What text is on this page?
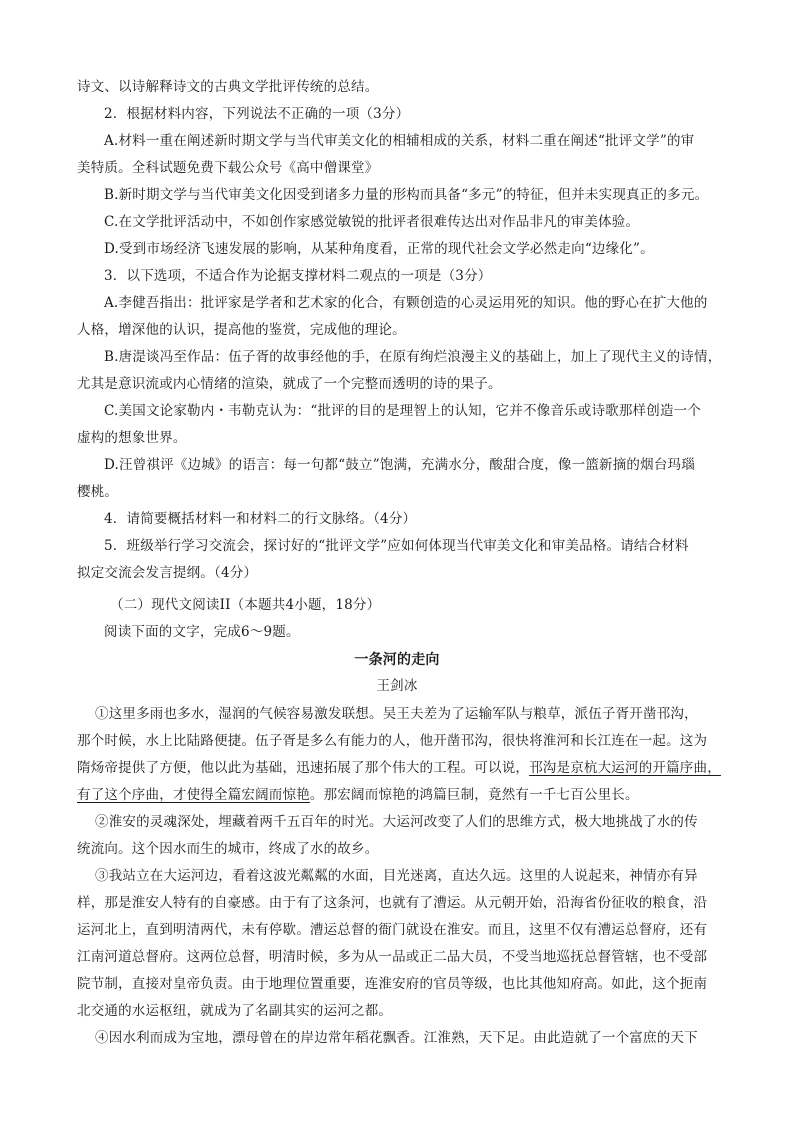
诗文、以诗解释诗文的古典文学批评传统的总结。
2．根据材料内容，下列说法不正确的一项（3分）
A.材料一重在阐述新时期文学与当代审美文化的相辅相成的关系，材料二重在阐述“批评文学”的审
美特质。全科试题免费下载公众号《高中僧课堂》
B.新时期文学与当代审美文化因受到诸多力量的形构而具备“多元”的特征，但并未实现真正的多元。
C.在文学批评活动中，不如创作家感觉敏锐的批评者很难传达出对作品非凡的审美体验。
D.受到市场经济飞速发展的影响，从某种角度看，正常的现代社会文学必然走向“边缘化”。
3．以下选项，不适合作为论据支撑材料二观点的一项是（3分）
A.李健吾指出：批评家是学者和艺术家的化合，有颗创造的心灵运用死的知识。他的野心在扩大他的
人格，增深他的认识，提高他的鉴赏，完成他的理论。
B.唐湜谈冯至作品：伍子胥的故事经他的手，在原有绚烂浪漫主义的基础上，加上了现代主义的诗情，
尤其是意识流或内心情绪的渲染，就成了一个完整而透明的诗的果子。
C.美国文论家勒内・韦勒克认为：“批评的目的是理智上的认知，它并不像音乐或诗歌那样创造一个
虚构的想象世界。
D.汪曾祺评《边城》的语言：每一句都“鼓立”饱满，充满水分，酸甜合度，像一篮新摘的烟台玛瑙
樱桃。
4．请简要概括材料一和材料二的行文脉络。（4分）
5．班级举行学习交流会，探讨好的“批评文学”应如何体现当代审美文化和审美品格。请结合材料
拟定交流会发言提纲。（4分）
（二）现代文阅读II（本题共4小题，18分）
阅读下面的文字，完成6～9题。
一条河的走向
王剑冰
①这里多雨也多水，湿润的气候容易激发联想。吴王夫差为了运输军队与粮草，派伍子胥开凿邗沟，
那个时候，水上比陆路便捷。伍子胥是多么有能力的人，他开凿邗沟，很快将淮河和长江连在一起。这为
隋炀帝提供了方便，他以此为基础，迅速拓展了那个伟大的工程。可以说，邗沟是京杭大运河的开篇序曲，
有了这个序曲，才使得全篇宏阔而惊艳。那宏阔而惊艳的鸿篇巨制，竟然有一千七百公里长。
②淮安的灵魂深处，埋藏着两千五百年的时光。大运河改变了人们的思维方式，极大地挑战了水的传
统流向。这个因水而生的城市，终成了水的故乡。
③我站立在大运河边，看着这波光粼粼的水面，目光迷离，直达久远。这里的人说起来，神情亦有异
样，那是淮安人特有的自豪感。由于有了这条河，也就有了漕运。从元朝开始，沿海省份征收的粮食，沿
运河北上，直到明清两代，未有停歇。漕运总督的衙门就设在淮安。而且，这里不仅有漕运总督府，还有
江南河道总督府。这两位总督，明清时候，多为从一品或正二品大员，不受当地巡抚总督管辖，也不受部
院节制，直接对皇帝负责。由于地理位置重要，连淮安府的官员等级，也比其他知府高。如此，这个扼南
北交通的水运枢纽，就成为了名副其实的运河之都。
④因水利而成为宝地，漂母曾在的岸边常年稻花飘香。江淮熟，天下足。由此造就了一个富庶的天下
